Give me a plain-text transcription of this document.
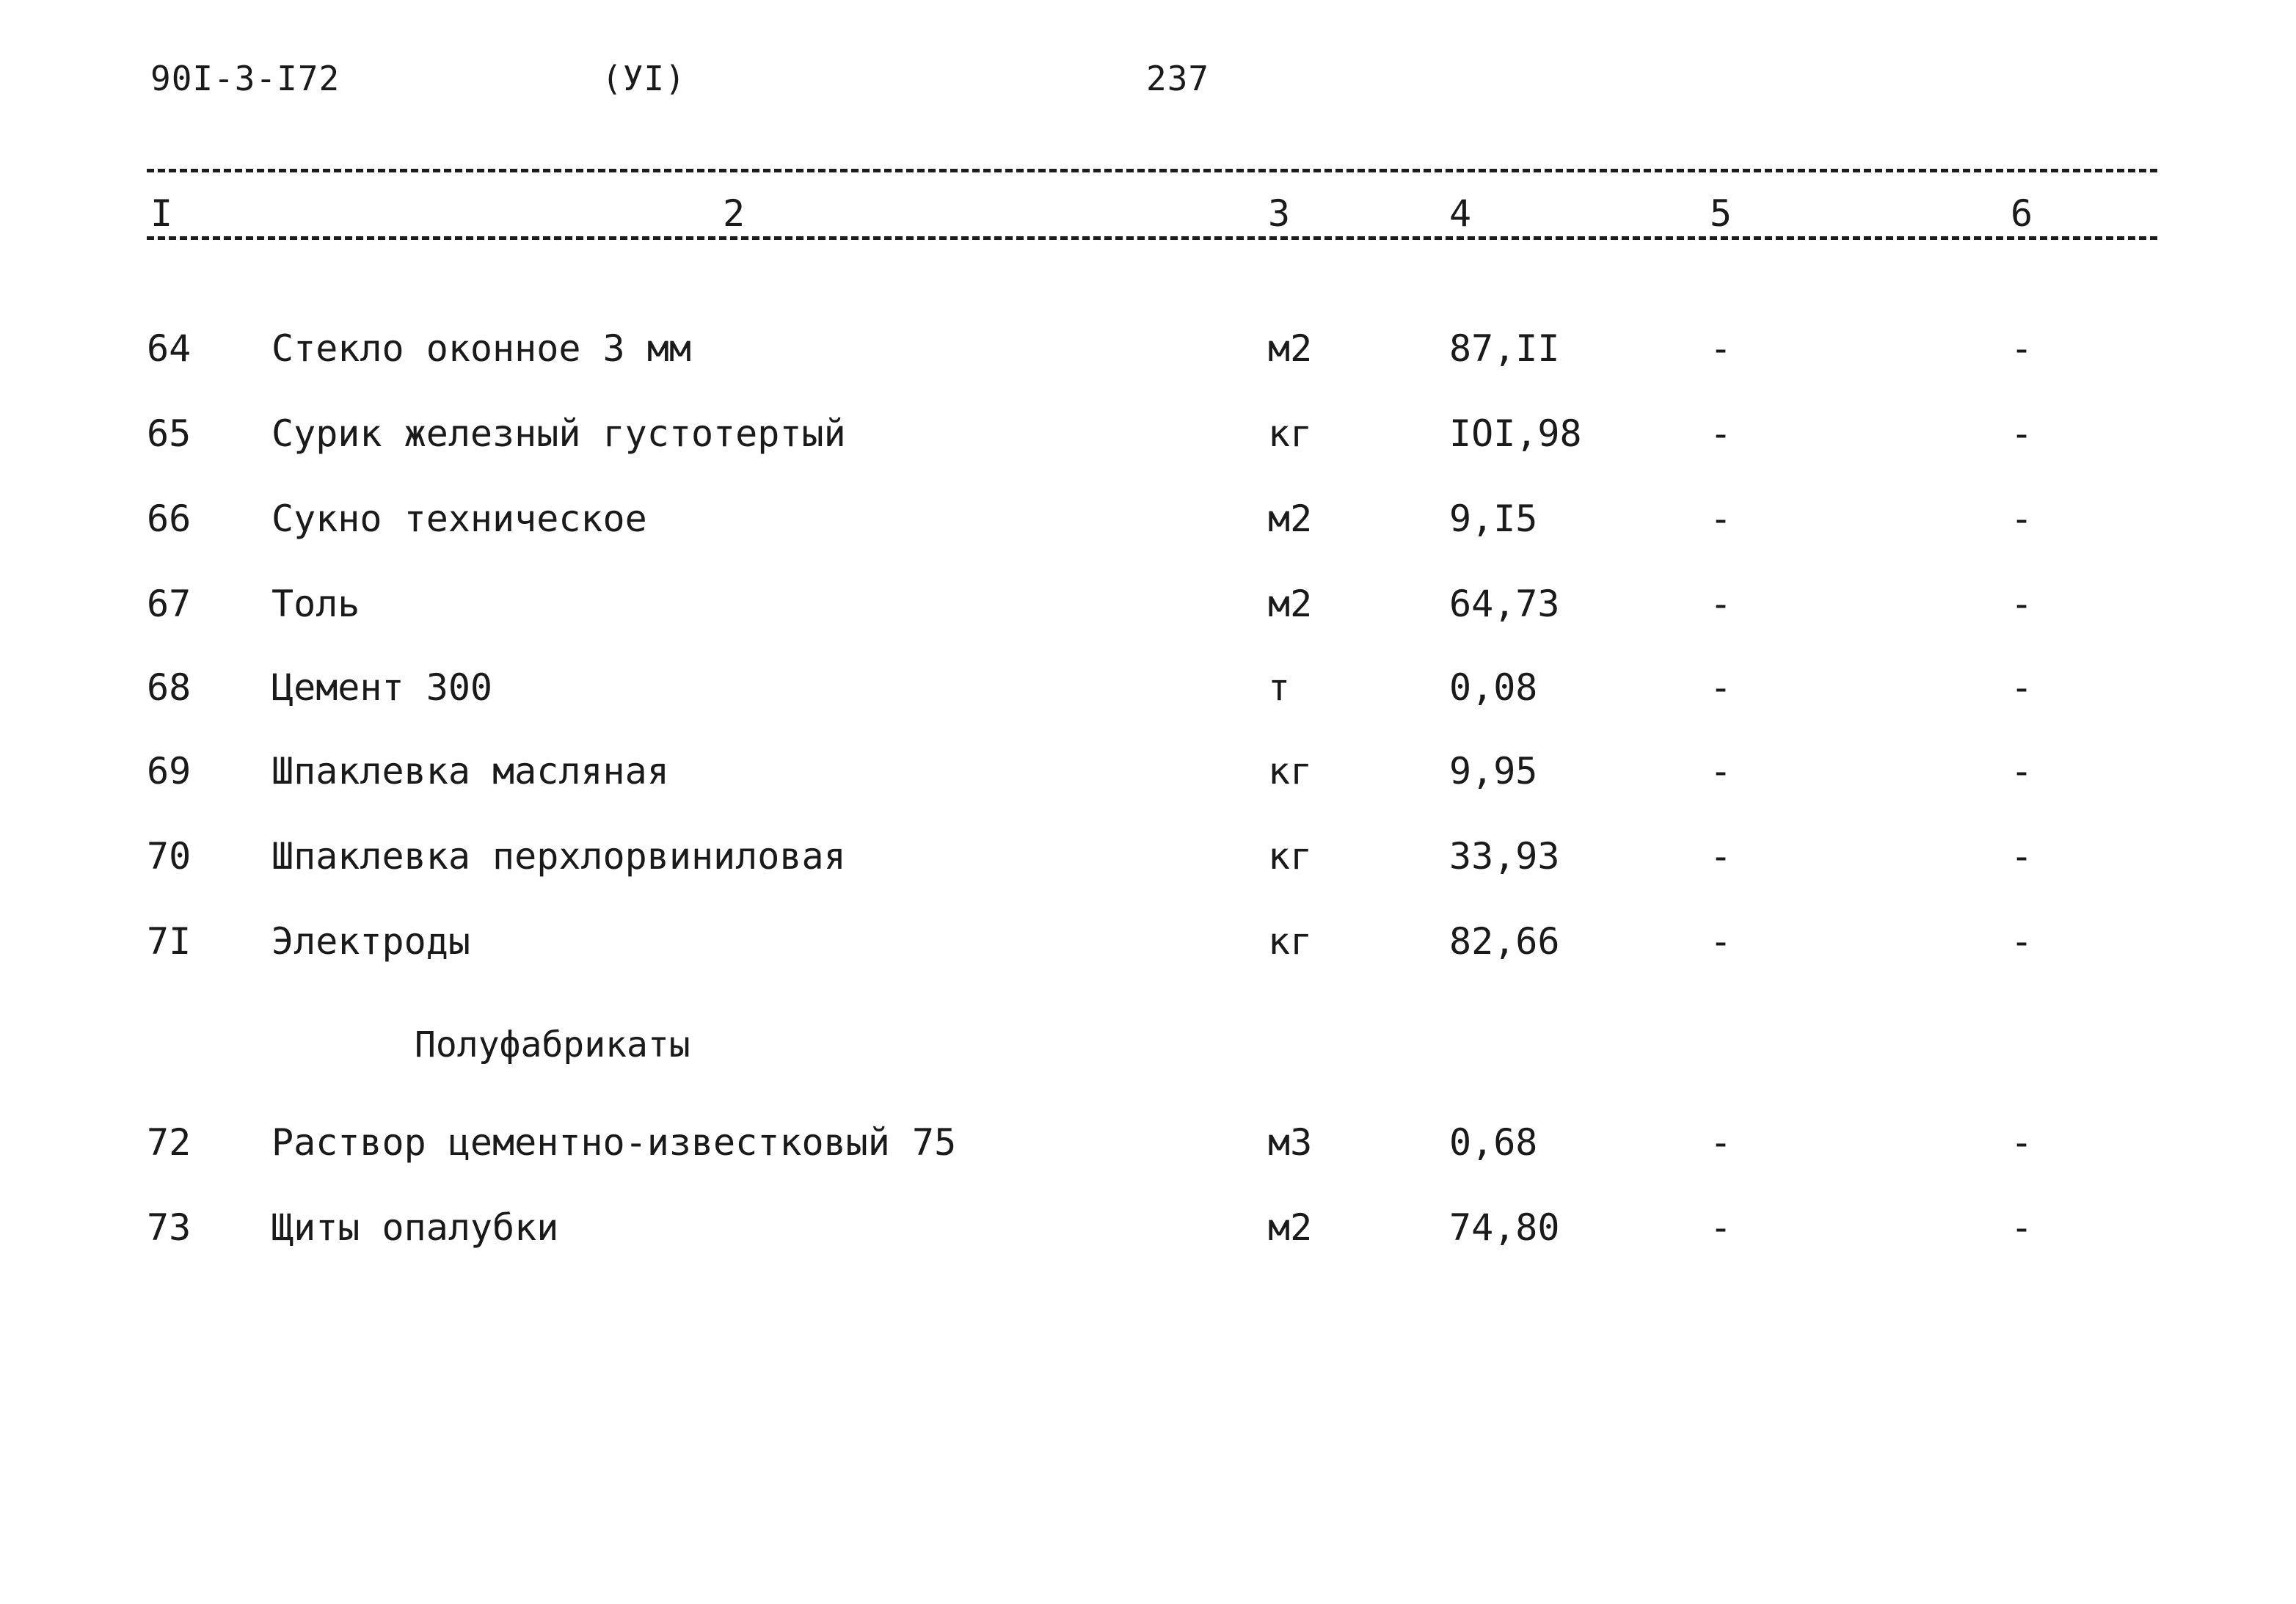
90I-3-I72	(УI)	237
I	2	3	4	5	6
64 Стекло оконное 3 мм	м2	87,II	-	-
65 Сурик железный густотертый	кг	IOI,98	-	-
66 Сукно техническое	м2	9,I5	-	-
67 Толь	м2	64,73	-	-
68 Цемент 300	т	0,08	-	-
69 Шпаклевка масляная	кг	9,95	-	-
70 Шпаклевка перхлорвиниловая	кг	33,93	-	-
7I Электроды	кг	82,66	-	-
Полуфабрикаты
72 Раствор цементно-известковый 75	м3	0,68	-	-
73 Щиты опалубки	м2	74,80	-	-
